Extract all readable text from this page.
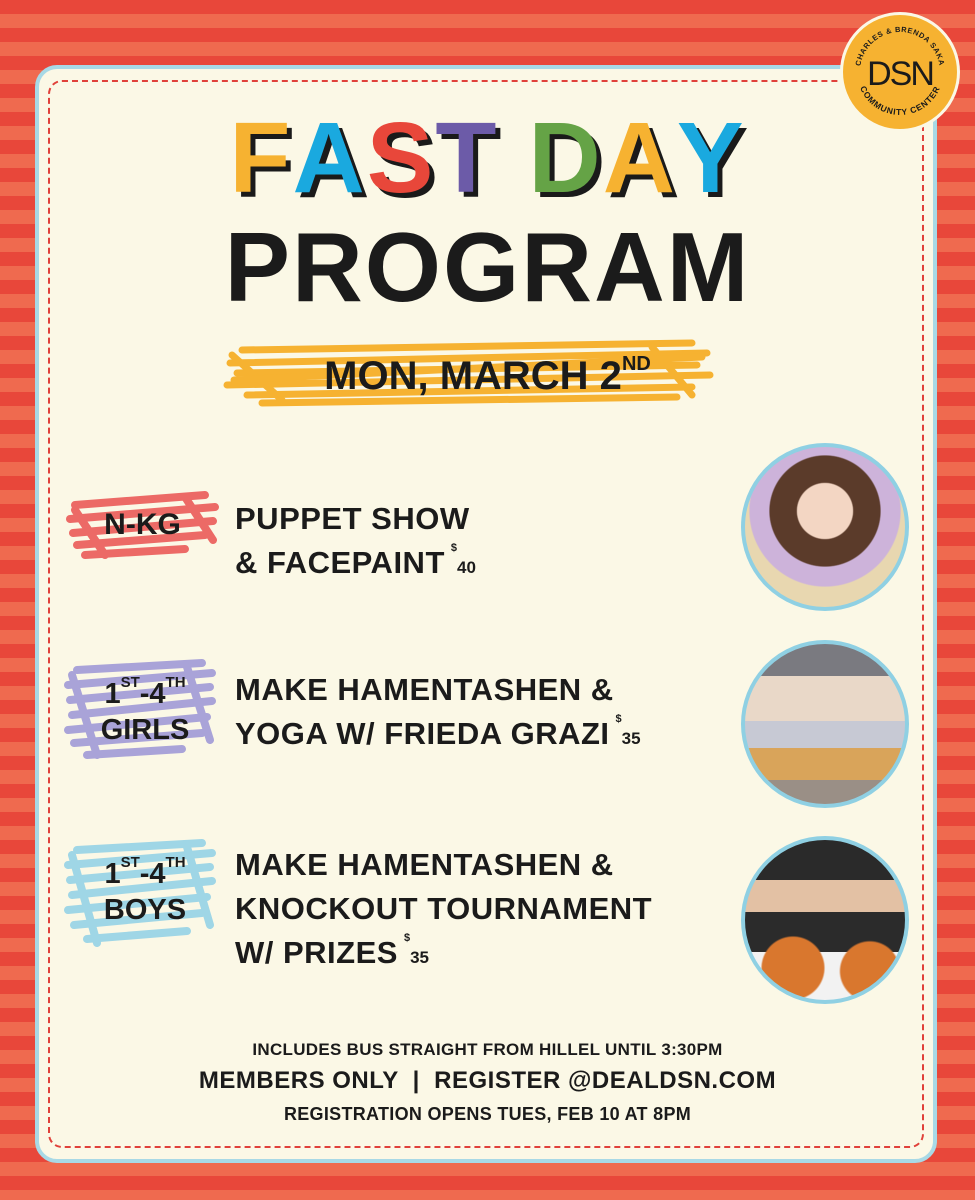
CHARLES & BRENDA SAKA
COMMUNITY CENTER
DSN
FAST DAY
PROGRAM
MON, MARCH 2ND
N-KG	PUPPET SHOW
& FACEPAINT $40
1ST-4TH
GIRLS
MAKE HAMENTASHEN &
YOGA W/ FRIEDA GRAZI $35
1ST-4TH
BOYS
MAKE HAMENTASHEN &
KNOCKOUT TOURNAMENT
W/ PRIZES $35
INCLUDES BUS STRAIGHT FROM HILLEL UNTIL 3:30PM
MEMBERS ONLY  |  REGISTER @DEALDSN.COM
REGISTRATION OPENS TUES, FEB 10 AT 8PM
